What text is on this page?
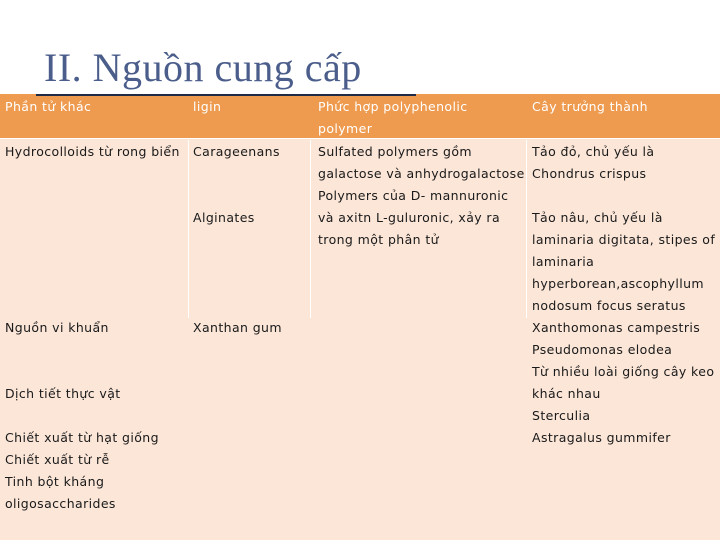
II. Nguồn cung cấp
Phần tử khác	ligin	Phức hợp polyphenolic
polymer
Cây trưởng thành
Hydrocolloids từ rong biển
Nguồn vi khuẩn
Dịch tiết thực vật
Chiết xuất từ hạt giống
Chiết xuất từ rễ
Tinh bột kháng
oligosaccharides
Carageenans
Alginates
Xanthan gum
Sulfated polymers gồm
galactose và anhydrogalactose
Polymers của D- mannuronic
và axitn L-guluronic, xảy ra
trong một phân tử
Tảo đỏ, chủ yếu là
Chondrus crispus
Tảo nâu, chủ yếu là
laminaria digitata, stipes of
laminaria
hyperborean,ascophyllum
nodosum focus seratus
Xanthomonas campestris
Pseudomonas elodea
Từ nhiều loài giống cây keo
khác nhau
Sterculia
Astragalus gummifer
